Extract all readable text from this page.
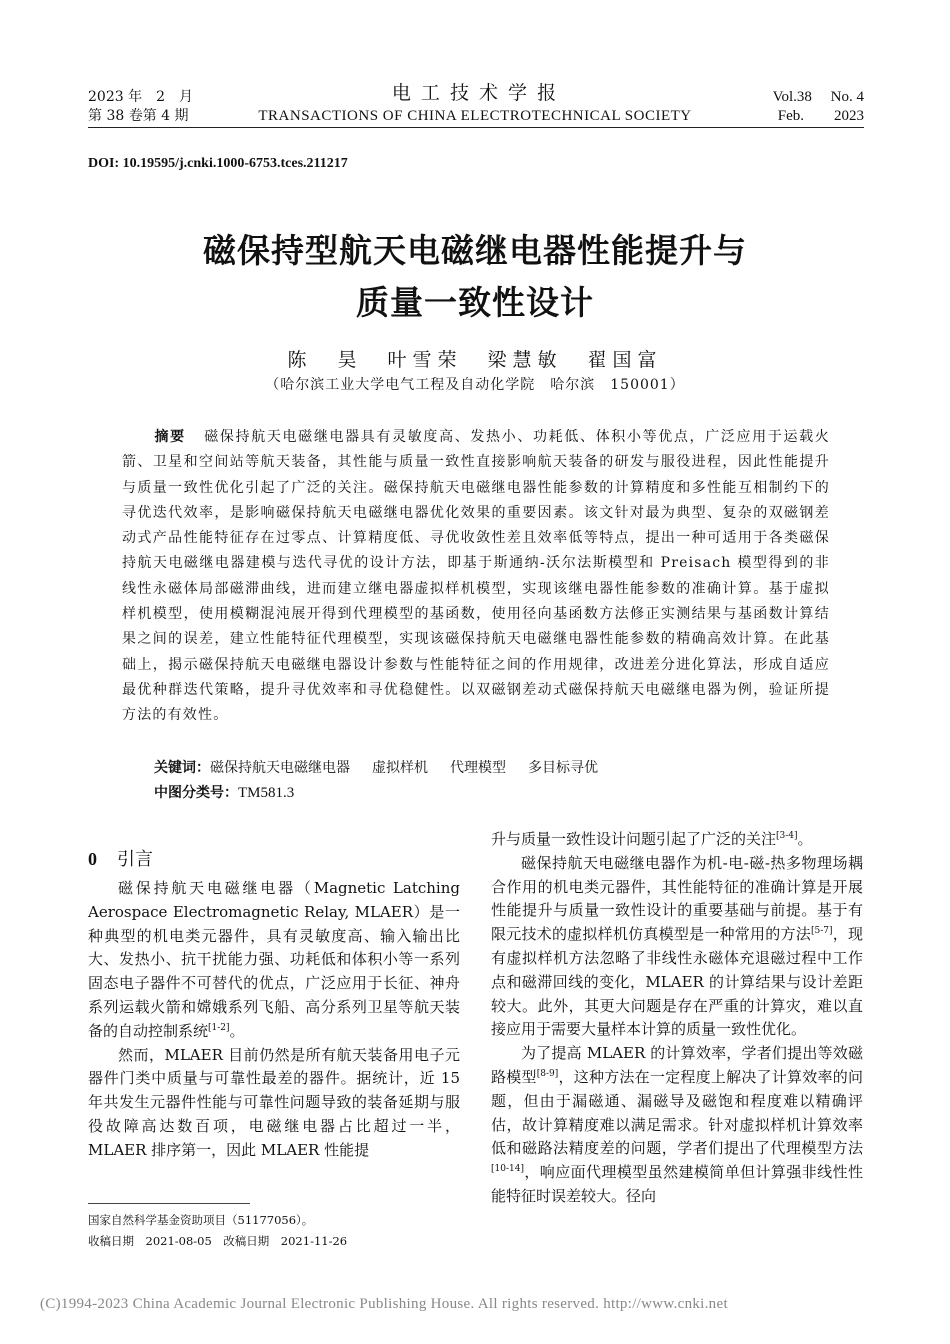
2023 年　2　月
第 38 卷第 4 期
电 工 技 术 学 报
TRANSACTIONS OF CHINA ELECTROTECHNICAL SOCIETY
Vol.38　 No. 4
Feb.　　2023
DOI: 10.19595/j.cnki.1000-6753.tces.211217
磁保持型航天电磁继电器性能提升与
质量一致性设计
陈　昊　叶雪荣　梁慧敏　翟国富
（哈尔滨工业大学电气工程及自动化学院　哈尔滨　150001）
摘要 磁保持航天电磁继电器具有灵敏度高、发热小、功耗低、体积小等优点，广泛应用于运载火箭、卫星和空间站等航天装备，其性能与质量一致性直接影响航天装备的研发与服役进程，因此性能提升与质量一致性优化引起了广泛的关注。磁保持航天电磁继电器性能参数的计算精度和多性能互相制约下的寻优迭代效率，是影响磁保持航天电磁继电器优化效果的重要因素。该文针对最为典型、复杂的双磁钢差动式产品性能特征存在过零点、计算精度低、寻优收敛性差且效率低等特点，提出一种可适用于各类磁保持航天电磁继电器建模与迭代寻优的设计方法，即基于斯通纳-沃尔法斯模型和 Preisach 模型得到的非线性永磁体局部磁滞曲线，进而建立继电器虚拟样机模型，实现该继电器性能参数的准确计算。基于虚拟样机模型，使用模糊混沌展开得到代理模型的基函数，使用径向基函数方法修正实测结果与基函数计算结果之间的误差，建立性能特征代理模型，实现该磁保持航天电磁继电器性能参数的精确高效计算。在此基础上，揭示磁保持航天电磁继电器设计参数与性能特征之间的作用规律，改进差分进化算法，形成自适应最优种群迭代策略，提升寻优效率和寻优稳健性。以双磁钢差动式磁保持航天电磁继电器为例，验证所提方法的有效性。
关键词：磁保持航天电磁继电器 虚拟样机 代理模型 多目标寻优
中图分类号：TM581.3
0 引言

磁保持航天电磁继电器（Magnetic Latching Aerospace Electromagnetic Relay, MLAER）是一种典型的机电类元器件，具有灵敏度高、输入输出比大、发热小、抗干扰能力强、功耗低和体积小等一系列固态电子器件不可替代的优点，广泛应用于长征、神舟系列运载火箭和嫦娥系列飞船、高分系列卫星等航天装备的自动控制系统[1-2]。

然而，MLAER 目前仍然是所有航天装备用电子元器件门类中质量与可靠性最差的器件。据统计，近 15 年共发生元器件性能与可靠性问题导致的装备延期与服役故障高达数百项，电磁继电器占比超过一半，MLAER 排序第一，因此 MLAER 性能提

升与质量一致性设计问题引起了广泛的关注[3-4]。

磁保持航天电磁继电器作为机-电-磁-热多物理场耦合作用的机电类元器件，其性能特征的准确计算是开展性能提升与质量一致性设计的重要基础与前提。基于有限元技术的虚拟样机仿真模型是一种常用的方法[5-7]，现有虚拟样机方法忽略了非线性永磁体充退磁过程中工作点和磁滞回线的变化，MLAER 的计算结果与设计差距较大。此外，其更大问题是存在严重的计算灾，难以直接应用于需要大量样本计算的质量一致性优化。

为了提高 MLAER 的计算效率，学者们提出等效磁路模型[8-9]，这种方法在一定程度上解决了计算效率的问题，但由于漏磁通、漏磁导及磁饱和程度难以精确评估，故计算精度难以满足需求。针对虚拟样机计算效率低和磁路法精度差的问题，学者们提出了代理模型方法[10-14]，响应面代理模型虽然建模简单但计算强非线性性能特征时误差较大。径向

国家自然科学基金资助项目（51177056）。
收稿日期　2021-08-05　改稿日期　2021-11-26
(C)1994-2023 China Academic Journal Electronic Publishing House. All rights reserved. http://www.cnki.net
